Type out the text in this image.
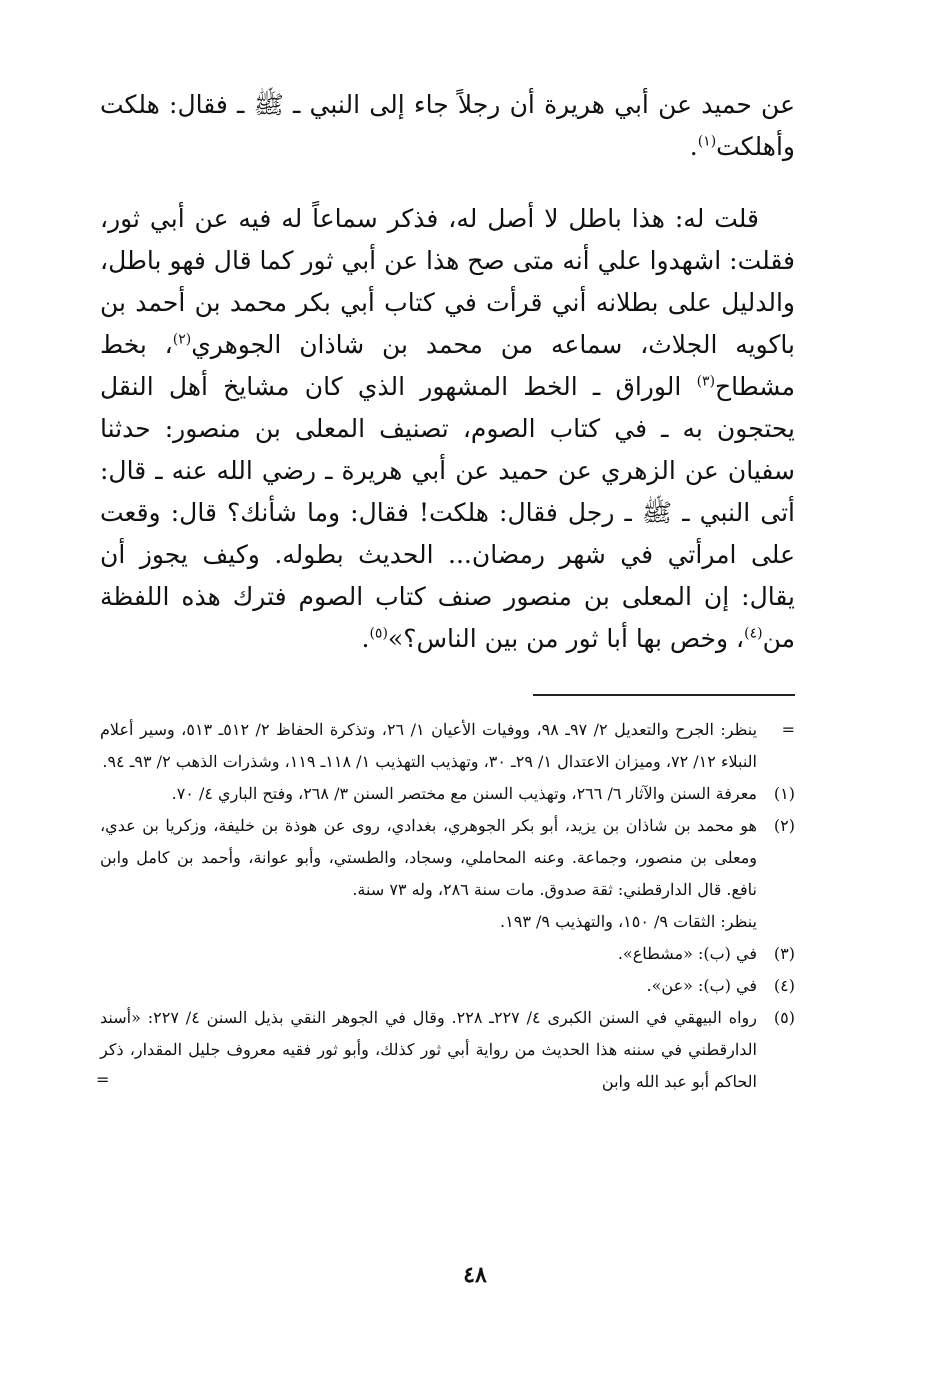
عن حميد عن أبي هريرة أن رجلاً جاء إلى النبي ـ ﷺ ـ فقال: هلكت وأهلكت$^{(١)}$.

قلت له: هذا باطل لا أصل له، فذكر سماعاً له فيه عن أبي ثور، فقلت: اشهدوا علي أنه متى صح هذا عن أبي ثور كما قال فهو باطل، والدليل على بطلانه أني قرأت في كتاب أبي بكر محمد بن أحمد بن باكويه الجلاث، سماعه من محمد بن شاذان الجوهري$^{(٢)}$، بخط مشطاح$^{(٣)}$ الوراق ـ الخط المشهور الذي كان مشايخ أهل النقل يحتجون به ـ في كتاب الصوم، تصنيف المعلى بن منصور: حدثنا سفيان عن الزهري عن حميد عن أبي هريرة ـ رضي الله عنه ـ قال: أتى النبي ـ ﷺ ـ رجل فقال: هلكت! فقال: وما شأنك؟ قال: وقعت على امرأتي في شهر رمضان... الحديث بطوله. وكيف يجوز أن يقال: إن المعلى بن منصور صنف كتاب الصوم فترك هذه اللفظة من$^{(٤)}$، وخص بها أبا ثور من بين الناس؟»$^{(٥)}$.

=
ينظر: الجرح والتعديل ٢/ ٩٧ـ ٩٨، ووفيات الأعيان ١/ ٢٦، وتذكرة الحفاظ ٢/ ٥١٢ـ ٥١٣، وسير أعلام النبلاء ١٢/ ٧٢، وميزان الاعتدال ١/ ٢٩ـ ٣٠، وتهذيب التهذيب ١/ ١١٨ـ ١١٩، وشذرات الذهب ٢/ ٩٣ـ ٩٤.
(١)
معرفة السنن والآثار ٦/ ٢٦٦، وتهذيب السنن مع مختصر السنن ٣/ ٢٦٨، وفتح الباري ٤/ ٧٠.
(٢)
هو محمد بن شاذان بن يزيد، أبو بكر الجوهري، بغدادي، روى عن هوذة بن خليفة، وزكريا بن عدي، ومعلى بن منصور، وجماعة. وعنه المحاملي، وسجاد، والطستي، وأبو عوانة، وأحمد بن كامل وابن نافع. قال الدارقطني: ثقة صدوق. مات سنة ٢٨٦، وله ٧٣ سنة.
ينظر: الثقات ٩/ ١٥٠، والتهذيب ٩/ ١٩٣.
(٣)
في (ب): «مشطاع».
(٤)
في (ب): «عن».
(٥)
رواه البيهقي في السنن الكبرى ٤/ ٢٢٧ـ ٢٢٨. وقال في الجوهر النقي بذيل السنن ٤/ ٢٢٧: «أسند الدارقطني في سننه هذا الحديث من رواية أبي ثور كذلك، وأبو ثور فقيه معروف جليل المقدار، ذكر الحاكم أبو عبد الله وابن
=
٤٨
